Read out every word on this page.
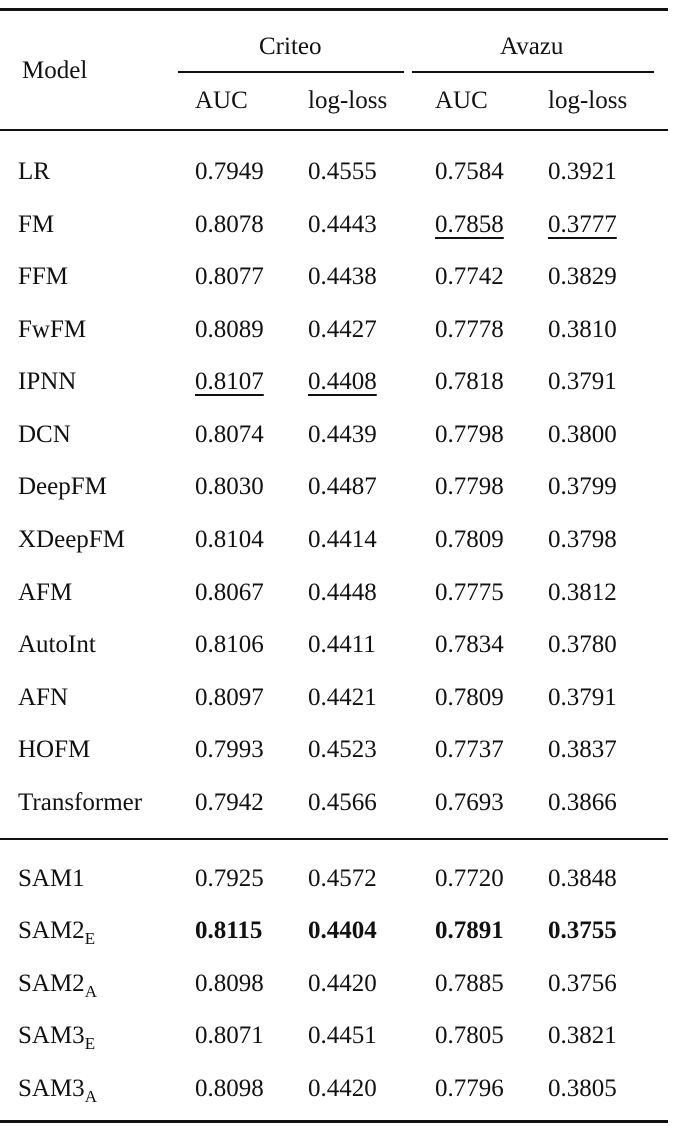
Model
Criteo	Avazu
AUC log-loss AUC log-loss
LR	0.7949 0.4555 0.7584 0.3921
FM	0.8078 0.4443 0.7858 0.3777
FFM	0.8077 0.4438 0.7742 0.3829
FwFM	0.8089 0.4427 0.7778 0.3810
IPNN	0.8107 0.4408 0.7818 0.3791
DCN	0.8074 0.4439 0.7798 0.3800
DeepFM	0.8030 0.4487 0.7798 0.3799
XDeepFM	0.8104 0.4414 0.7809 0.3798
AFM	0.8067 0.4448 0.7775 0.3812
AutoInt	0.8106 0.4411 0.7834 0.3780
AFN	0.8097 0.4421 0.7809 0.3791
HOFM	0.7993 0.4523 0.7737 0.3837
Transformer 0.7942 0.4566 0.7693 0.3866
SAM1	0.7925 0.4572 0.7720 0.3848
$SAM2_E$	0.8115 0.4404 0.7891 0.3755
$SAM2_A$	0.8098 0.4420 0.7885 0.3756
$SAM3_E$	0.8071 0.4451 0.7805 0.3821
$SAM3_A$	0.8098 0.4420 0.7796 0.3805
